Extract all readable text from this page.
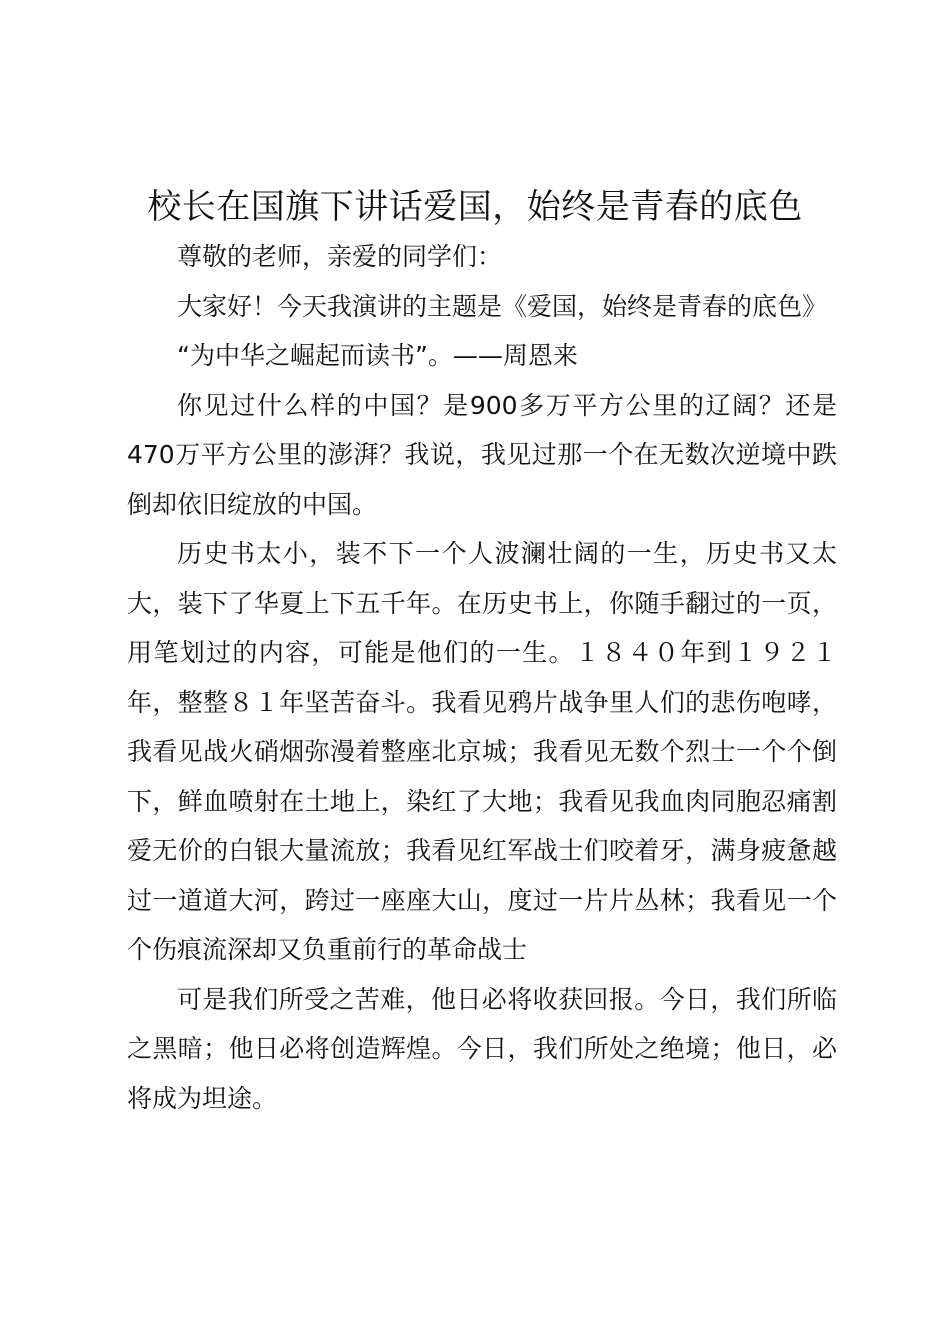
校长在国旗下讲话爱国，始终是青春的底色

尊敬的老师，亲爱的同学们：

大家好！今天我演讲的主题是《爱国，始终是青春的底色》

“为中华之崛起而读书”。——周恩来

你见过什么样的中国？是900多万平方公里的辽阔？还是470万平方公里的澎湃？我说，我见过那一个在无数次逆境中跌倒却依旧绽放的中国。

历史书太小，装不下一个人波澜壮阔的一生，历史书又太大，装下了华夏上下五千年。在历史书上，你随手翻过的一页，用笔划过的内容，可能是他们的一生。１８４０年到１９２１年，整整８１年坚苦奋斗。我看见鸦片战争里人们的悲伤咆哮，我看见战火硝烟弥漫着整座北京城；我看见无数个烈士一个个倒下，鲜血喷射在土地上，染红了大地；我看见我血肉同胞忍痛割爱无价的白银大量流放；我看见红军战士们咬着牙，满身疲惫越过一道道大河，跨过一座座大山，度过一片片丛林；我看见一个个伤痕流深却又负重前行的革命战士

可是我们所受之苦难，他日必将收获回报。今日，我们所临之黑暗；他日必将创造辉煌。今日，我们所处之绝境；他日，必将成为坦途。
